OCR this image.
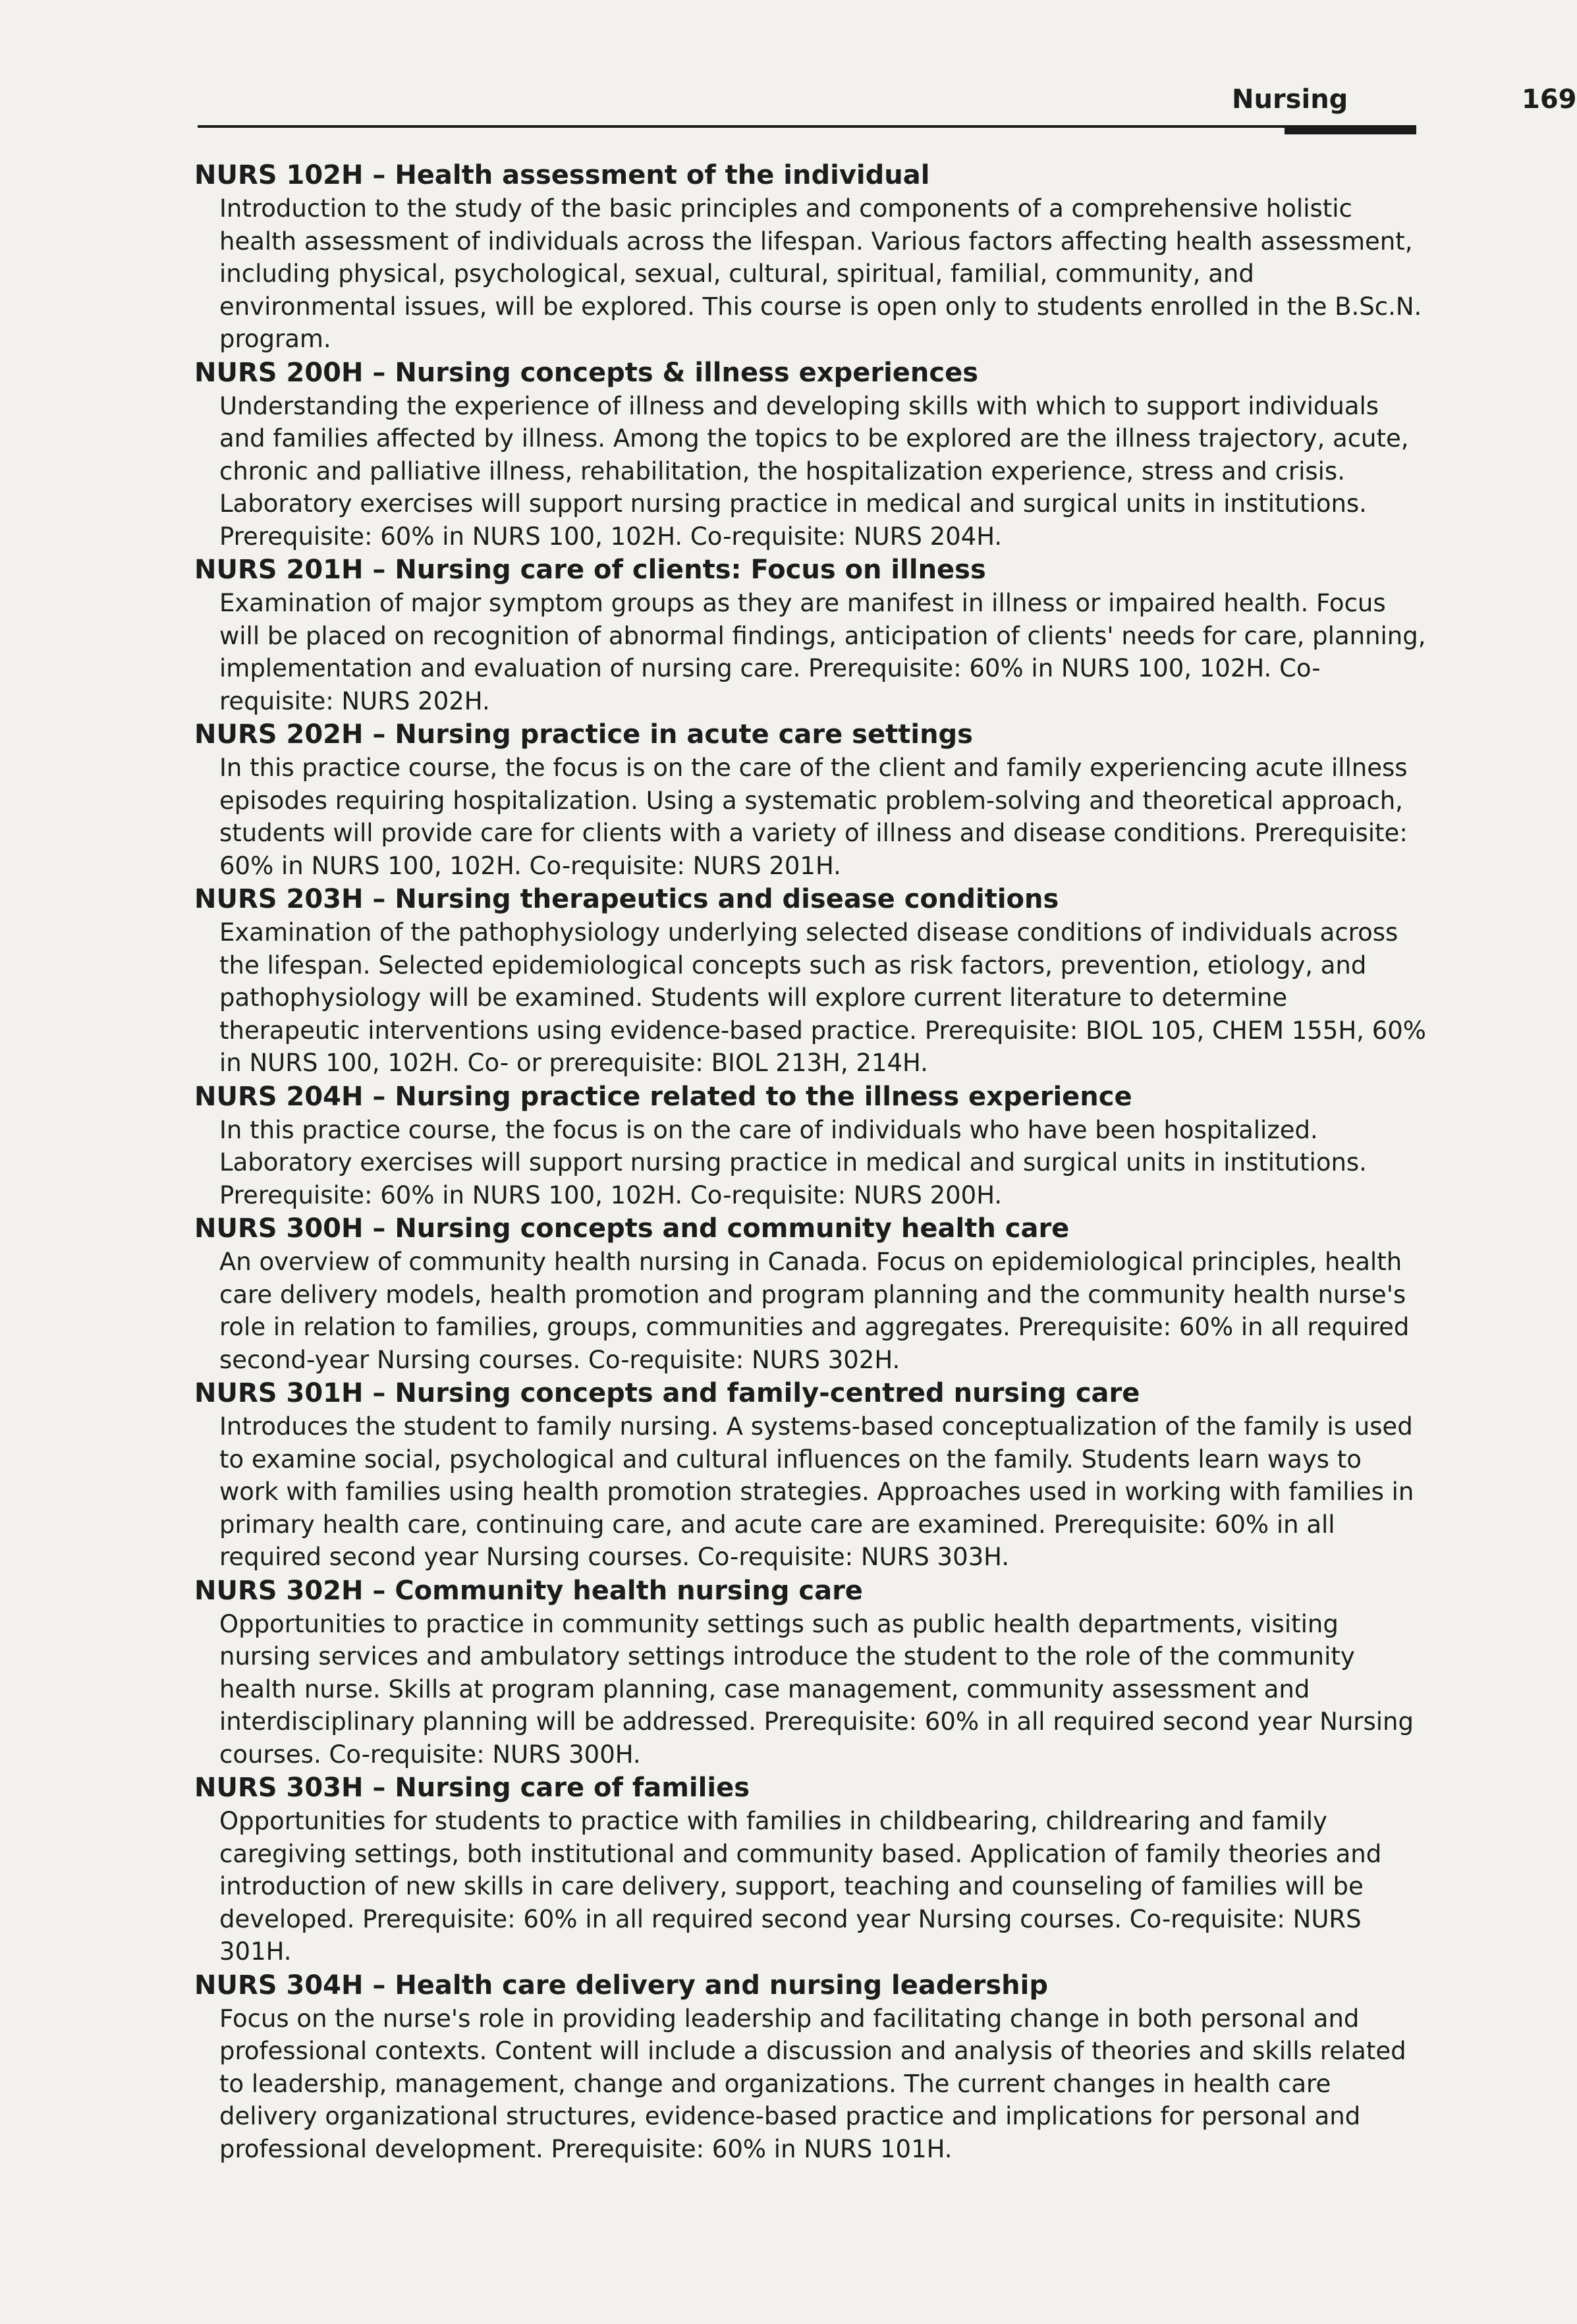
Nursing	169
NURS 102H – Health assessment of the individual
Introduction to the study of the basic principles and components of a comprehensive holistic health assessment of individuals across the lifespan. Various factors affecting health assessment, including physical, psychological, sexual, cultural, spiritual, familial, community, and environmental issues, will be explored. This course is open only to students enrolled in the B.Sc.N. program.
NURS 200H – Nursing concepts & illness experiences
Understanding the experience of illness and developing skills with which to support individuals and families affected by illness. Among the topics to be explored are the illness trajectory, acute, chronic and palliative illness, rehabilitation, the hospitalization experience, stress and crisis. Laboratory exercises will support nursing practice in medical and surgical units in institutions. Prerequisite: 60% in NURS 100, 102H. Co-requisite: NURS 204H.
NURS 201H – Nursing care of clients: Focus on illness
Examination of major symptom groups as they are manifest in illness or impaired health. Focus will be placed on recognition of abnormal findings, anticipation of clients' needs for care, planning, implementation and evaluation of nursing care. Prerequisite: 60% in NURS 100, 102H. Co-requisite: NURS 202H.
NURS 202H – Nursing practice in acute care settings
In this practice course, the focus is on the care of the client and family experiencing acute illness episodes requiring hospitalization. Using a systematic problem-solving and theoretical approach, students will provide care for clients with a variety of illness and disease conditions. Prerequisite: 60% in NURS 100, 102H. Co-requisite: NURS 201H.
NURS 203H – Nursing therapeutics and disease conditions
Examination of the pathophysiology underlying selected disease conditions of individuals across the lifespan. Selected epidemiological concepts such as risk factors, prevention, etiology, and pathophysiology will be examined. Students will explore current literature to determine therapeutic interventions using evidence-based practice. Prerequisite: BIOL 105, CHEM 155H, 60% in NURS 100, 102H. Co- or prerequisite: BIOL 213H, 214H.
NURS 204H – Nursing practice related to the illness experience
In this practice course, the focus is on the care of individuals who have been hospitalized. Laboratory exercises will support nursing practice in medical and surgical units in institutions. Prerequisite: 60% in NURS 100, 102H. Co-requisite: NURS 200H.
NURS 300H – Nursing concepts and community health care
An overview of community health nursing in Canada. Focus on epidemiological principles, health care delivery models, health promotion and program planning and the community health nurse's role in relation to families, groups, communities and aggregates. Prerequisite: 60% in all required second-year Nursing courses. Co-requisite: NURS 302H.
NURS 301H – Nursing concepts and family-centred nursing care
Introduces the student to family nursing. A systems-based conceptualization of the family is used to examine social, psychological and cultural influences on the family. Students learn ways to work with families using health promotion strategies. Approaches used in working with families in primary health care, continuing care, and acute care are examined. Prerequisite: 60% in all required second year Nursing courses. Co-requisite: NURS 303H.
NURS 302H – Community health nursing care
Opportunities to practice in community settings such as public health departments, visiting nursing services and ambulatory settings introduce the student to the role of the community health nurse. Skills at program planning, case management, community assessment and interdisciplinary planning will be addressed. Prerequisite: 60% in all required second year Nursing courses. Co-requisite: NURS 300H.
NURS 303H – Nursing care of families
Opportunities for students to practice with families in childbearing, childrearing and family caregiving settings, both institutional and community based. Application of family theories and introduction of new skills in care delivery, support, teaching and counseling of families will be developed. Prerequisite: 60% in all required second year Nursing courses. Co-requisite: NURS 301H.
NURS 304H – Health care delivery and nursing leadership
Focus on the nurse's role in providing leadership and facilitating change in both personal and professional contexts. Content will include a discussion and analysis of theories and skills related to leadership, management, change and organizations. The current changes in health care delivery organizational structures, evidence-based practice and implications for personal and professional development. Prerequisite: 60% in NURS 101H.
